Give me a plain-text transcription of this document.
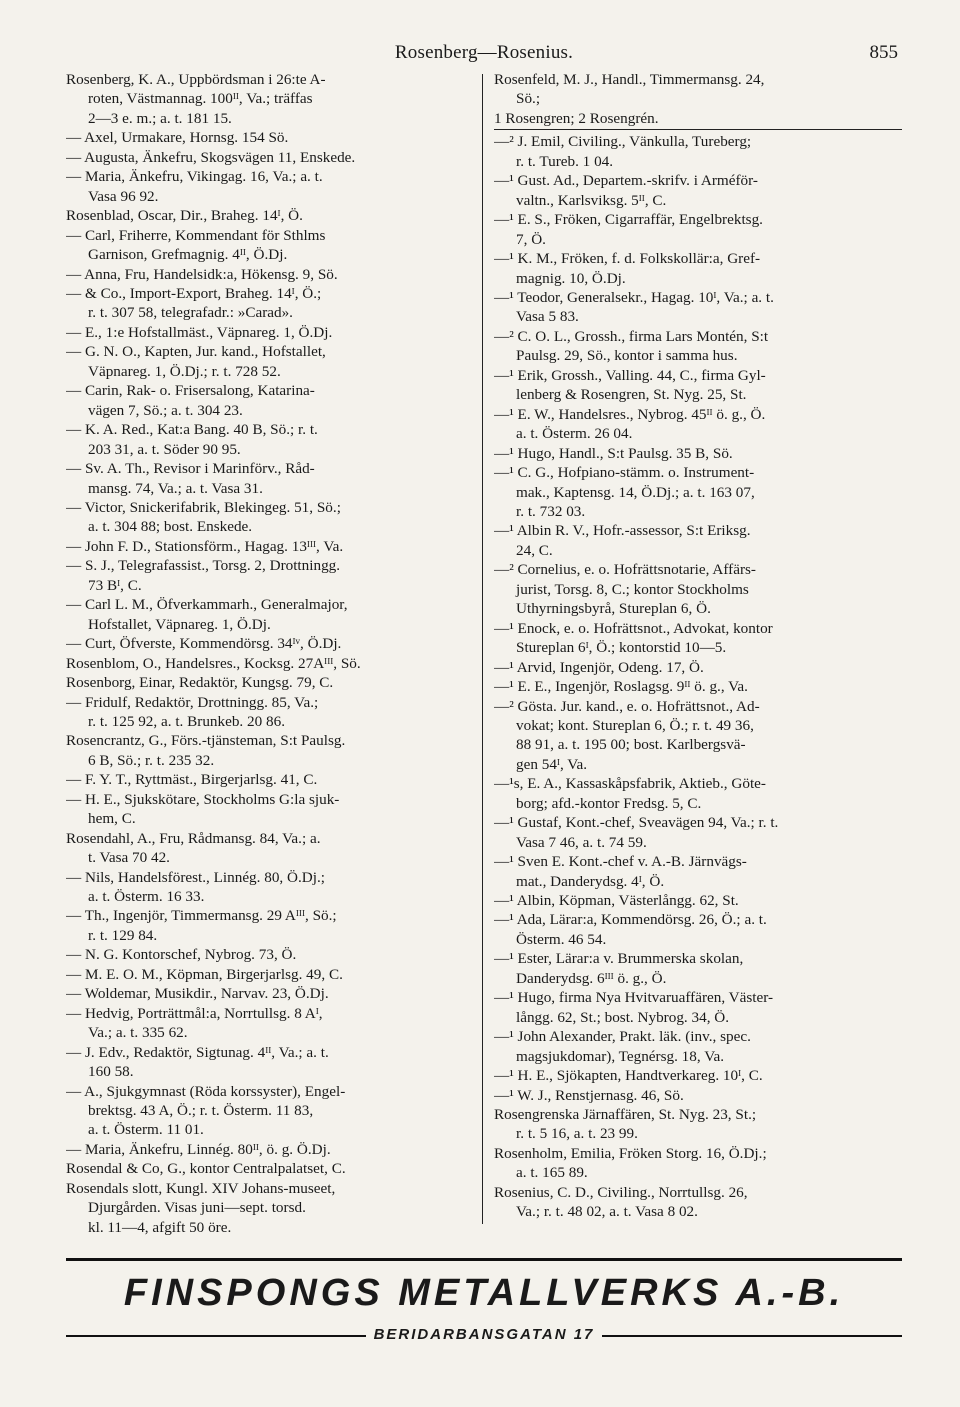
Rosenberg—Rosenius.	855
Rosenberg, K. A., Uppbördsman i 26:te A-
roten, Västmannag. 100ᴵᴵ, Va.; träffas
2—3 e. m.; a. t. 181 15.
— Axel, Urmakare, Hornsg. 154 Sö.
— Augusta, Änkefru, Skogsvägen 11, Enskede.
— Maria, Änkefru, Vikingag. 16, Va.; a. t.
Vasa 96 92.
Rosenblad, Oscar, Dir., Braheg. 14ᴵ, Ö.
— Carl, Friherre, Kommendant för Sthlms
Garnison, Grefmagnig. 4ᴵᴵ, Ö.Dj.
— Anna, Fru, Handelsidk:a, Hökensg. 9, Sö.
— & Co., Import-Export, Braheg. 14ᴵ, Ö.;
r. t. 307 58, telegrafadr.: »Carad».
— E., 1:e Hofstallmäst., Väpnareg. 1, Ö.Dj.
— G. N. O., Kapten, Jur. kand., Hofstallet,
Väpnareg. 1, Ö.Dj.; r. t. 728 52.
— Carin, Rak- o. Frisersalong, Katarina-
vägen 7, Sö.; a. t. 304 23.
— K. A. Red., Kat:a Bang. 40 B, Sö.; r. t.
203 31, a. t. Söder 90 95.
— Sv. A. Th., Revisor i Marinförv., Råd-
mansg. 74, Va.; a. t. Vasa 31.
— Victor, Snickerifabrik, Blekingeg. 51, Sö.;
a. t. 304 88; bost. Enskede.
— John F. D., Stationsförm., Hagag. 13ᴵᴵᴵ, Va.
— S. J., Telegrafassist., Torsg. 2, Drottningg.
73 Bᴵ, C.
— Carl L. M., Öfverkammarh., Generalmajor,
Hofstallet, Väpnareg. 1, Ö.Dj.
— Curt, Öfverste, Kommendörsg. 34ᴵᵛ, Ö.Dj.
Rosenblom, O., Handelsres., Kocksg. 27Aᴵᴵᴵ, Sö.
Rosenborg, Einar, Redaktör, Kungsg. 79, C.
— Fridulf, Redaktör, Drottningg. 85, Va.;
r. t. 125 92, a. t. Brunkeb. 20 86.
Rosencrantz, G., Förs.-tjänsteman, S:t Paulsg.
6 B, Sö.; r. t. 235 32.
— F. Y. T., Ryttmäst., Birgerjarlsg. 41, C.
— H. E., Sjukskötare, Stockholms G:la sjuk-
hem, C.
Rosendahl, A., Fru, Rådmansg. 84, Va.; a.
t. Vasa 70 42.
— Nils, Handelsförest., Linnég. 80, Ö.Dj.;
a. t. Österm. 16 33.
— Th., Ingenjör, Timmermansg. 29 Aᴵᴵᴵ, Sö.;
r. t. 129 84.
— N. G. Kontorschef, Nybrog. 73, Ö.
— M. E. O. M., Köpman, Birgerjarlsg. 49, C.
— Woldemar, Musikdir., Narvav. 23, Ö.Dj.
— Hedvig, Porträttmål:a, Norrtullsg. 8 Aᴵ,
Va.; a. t. 335 62.
— J. Edv., Redaktör, Sigtunag. 4ᴵᴵ, Va.; a. t.
160 58.
— A., Sjukgymnast (Röda korssyster), Engel-
brektsg. 43 A, Ö.; r. t. Österm. 11 83,
a. t. Österm. 11 01.
— Maria, Änkefru, Linnég. 80ᴵᴵ, ö. g. Ö.Dj.
Rosendal & Co, G., kontor Centralpalatset, C.
Rosendals slott, Kungl. XIV Johans-museet,
Djurgården. Visas juni—sept. torsd.
kl. 11—4, afgift 50 öre.
Rosenfeld, M. J., Handl., Timmermansg. 24,
Sö.;
1 Rosengren; 2 Rosengrén.
—² J. Emil, Civiling., Vänkulla, Tureberg;
r. t. Tureb. 1 04.
—¹ Gust. Ad., Departem.-skrifv. i Arméför-
valtn., Karlsviksg. 5ᴵᴵ, C.
—¹ E. S., Fröken, Cigarraffär, Engelbrektsg.
7, Ö.
—¹ K. M., Fröken, f. d. Folkskollär:a, Gref-
magnig. 10, Ö.Dj.
—¹ Teodor, Generalsekr., Hagag. 10ᴵ, Va.; a. t.
Vasa 5 83.
—² C. O. L., Grossh., firma Lars Montén, S:t
Paulsg. 29, Sö., kontor i samma hus.
—¹ Erik, Grossh., Valling. 44, C., firma Gyl-
lenberg & Rosengren, St. Nyg. 25, St.
—¹ E. W., Handelsres., Nybrog. 45ᴵᴵ ö. g., Ö.
a. t. Österm. 26 04.
—¹ Hugo, Handl., S:t Paulsg. 35 B, Sö.
—¹ C. G., Hofpiano-stämm. o. Instrument-
mak., Kaptensg. 14, Ö.Dj.; a. t. 163 07,
r. t. 732 03.
—¹ Albin R. V., Hofr.-assessor, S:t Eriksg.
24, C.
—² Cornelius, e. o. Hofrättsnotarie, Affärs-
jurist, Torsg. 8, C.; kontor Stockholms
Uthyrningsbyrå, Stureplan 6, Ö.
—¹ Enock, e. o. Hofrättsnot., Advokat, kontor
Stureplan 6ᴵ, Ö.; kontorstid 10—5.
—¹ Arvid, Ingenjör, Odeng. 17, Ö.
—¹ E. E., Ingenjör, Roslagsg. 9ᴵᴵ ö. g., Va.
—² Gösta. Jur. kand., e. o. Hofrättsnot., Ad-
vokat; kont. Stureplan 6, Ö.; r. t. 49 36,
88 91, a. t. 195 00; bost. Karlbergsvä-
gen 54ᴵ, Va.
—¹s, E. A., Kassaskåpsfabrik, Aktieb., Göte-
borg; afd.-kontor Fredsg. 5, C.
—¹ Gustaf, Kont.-chef, Sveavägen 94, Va.; r. t.
Vasa 7 46, a. t. 74 59.
—¹ Sven E. Kont.-chef v. A.-B. Järnvägs-
mat., Danderydsg. 4ᴵ, Ö.
—¹ Albin, Köpman, Västerlångg. 62, St.
—¹ Ada, Lärar:a, Kommendörsg. 26, Ö.; a. t.
Österm. 46 54.
—¹ Ester, Lärar:a v. Brummerska skolan,
Danderydsg. 6ᴵᴵᴵ ö. g., Ö.
—¹ Hugo, firma Nya Hvitvaruaffären, Väster-
långg. 62, St.; bost. Nybrog. 34, Ö.
—¹ John Alexander, Prakt. läk. (inv., spec.
magsjukdomar), Tegnérsg. 18, Va.
—¹ H. E., Sjökapten, Handtverkareg. 10ᴵ, C.
—¹ W. J., Renstjernasg. 46, Sö.
Rosengrenska Järnaffären, St. Nyg. 23, St.;
r. t. 5 16, a. t. 23 99.
Rosenholm, Emilia, Fröken Storg. 16, Ö.Dj.;
a. t. 165 89.
Rosenius, C. D., Civiling., Norrtullsg. 26,
Va.; r. t. 48 02, a. t. Vasa 8 02.
FINSPONGS METALLVERKS A.-B.
BERIDARBANSGATAN 17
